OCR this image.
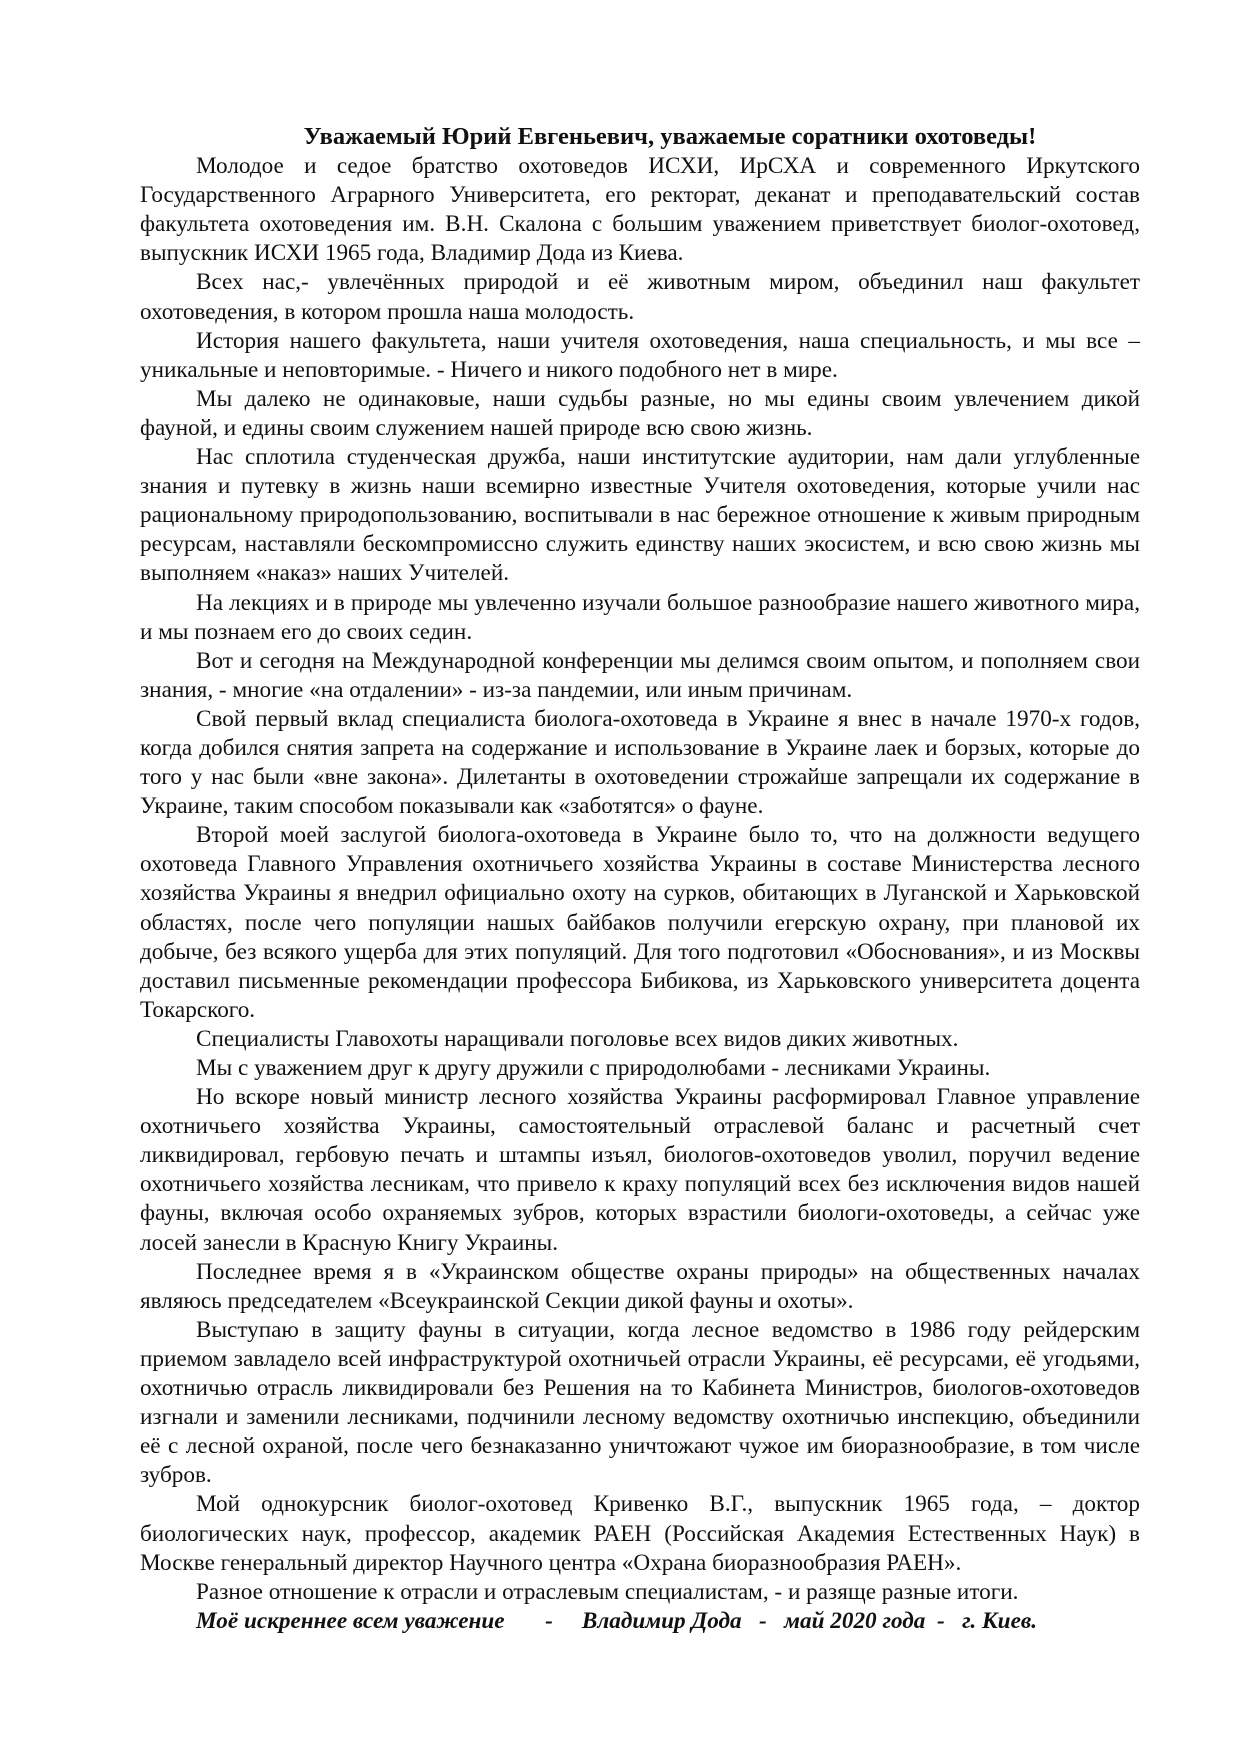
Уважаемый Юрий Евгеньевич, уважаемые соратники охотоведы!

Молодое и седое братство охотоведов ИСХИ, ИрСХА и современного Иркутского Государственного Аграрного Университета, его ректорат, деканат и преподавательский состав факультета охотоведения им. В.Н. Скалона с большим уважением приветствует биолог-охотовед, выпускник ИСХИ 1965 года, Владимир Дода из Киева.

Всех нас,- увлечённых природой и её животным миром, объединил наш факультет охотоведения, в котором прошла наша молодость.

История нашего факультета, наши учителя охотоведения, наша специальность, и мы все – уникальные и неповторимые. - Ничего и никого подобного нет в мире.

Мы далеко не одинаковые, наши судьбы разные, но мы едины своим увлечением дикой фауной, и едины своим служением нашей природе всю свою жизнь.

Нас сплотила студенческая дружба, наши институтские аудитории, нам дали углубленные знания и путевку в жизнь наши всемирно известные Учителя охотоведения, которые учили нас рациональному природопользованию, воспитывали в нас бережное отношение к живым природным ресурсам, наставляли бескомпромиссно служить единству наших экосистем, и всю свою жизнь мы выполняем «наказ» наших Учителей.

На лекциях и в природе мы увлеченно изучали большое разнообразие нашего животного мира, и мы познаем его до своих седин.

Вот и сегодня на Международной конференции мы делимся своим опытом, и пополняем свои знания, - многие «на отдалении» - из-за пандемии, или иным причинам.

Свой первый вклад специалиста биолога-охотоведа в Украине я внес в начале 1970-х годов, когда добился снятия запрета на содержание и использование в Украине лаек и борзых, которые до того у нас были «вне закона». Дилетанты в охотоведении строжайше запрещали их содержание в Украине, таким способом показывали как «заботятся» о фауне.

Второй моей заслугой биолога-охотоведа в Украине было то, что на должности ведущего охотоведа Главного Управления охотничьего хозяйства Украины в составе Министерства лесного хозяйства Украины я внедрил официально охоту на сурков, обитающих в Луганской и Харьковской областях, после чего популяции нашых байбаков получили егерскую охрану, при плановой их добыче, без всякого ущерба для этих популяций. Для того подготовил «Обоснования», и из Москвы доставил письменные рекомендации профессора Бибикова, из Харьковского университета доцента Токарского.

Специалисты Главохоты наращивали поголовье всех видов диких животных.

Мы с уважением друг к другу дружили с природолюбами - лесниками Украины.

Но вскоре новый министр лесного хозяйства Украины расформировал Главное управление охотничьего хозяйства Украины, самостоятельный отраслевой баланс и расчетный счет ликвидировал, гербовую печать и штампы изъял, биологов-охотоведов уволил, поручил ведение охотничьего хозяйства лесникам, что привело к краху популяций всех без исключения видов нашей фауны, включая особо охраняемых зубров, которых взрастили биологи-охотоведы, а сейчас уже лосей занесли в Красную Книгу Украины.

Последнее время я в «Украинском обществе охраны природы» на общественных началах являюсь председателем «Всеукраинской Секции дикой фауны и охоты».

Выступаю в защиту фауны в ситуации, когда лесное ведомство в 1986 году рейдерским приемом завладело всей инфраструктурой охотничьей отрасли Украины, её ресурсами, её угодьями, охотничью отрасль ликвидировали без Решения на то Кабинета Министров, биологов-охотоведов изгнали и заменили лесниками, подчинили лесному ведомству охотничью инспекцию, объединили её с лесной охраной, после чего безнаказанно уничтожают чужое им биоразнообразие, в том числе зубров.

Мой однокурсник биолог-охотовед Кривенко В.Г., выпускник 1965 года, – доктор биологических наук, профессор, академик РАЕН (Российская Академия Естественных Наук) в Москве генеральный директор Научного центра «Охрана биоразнообразия РАЕН».

Разное отношение к отрасли и отраслевым специалистам, - и разяще разные итоги.

Моё искреннее всем уважение       -     Владимир Дода   -   май 2020 года  -   г. Киев.
